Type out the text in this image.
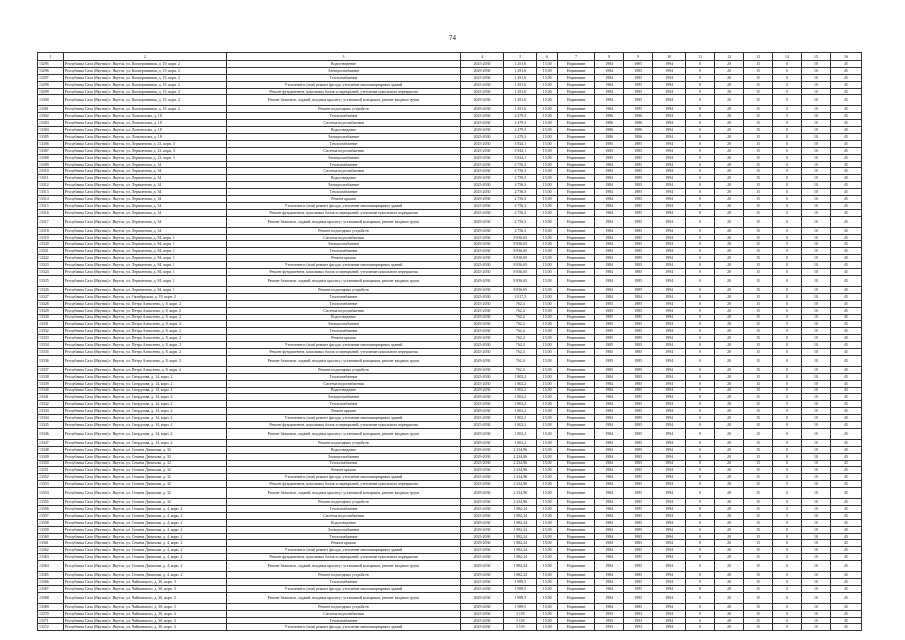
74
1	2	3	4	5	6	7	8	9	10	11	12	13	14	15	16
13295	Республика Саха (Якутия) г. Якутск, ул. Кооперативная, д. 19, корп. 2	Водоотведение	2025-2030	1 291,6	15,00	Нормативн	1984	1985	1994	0	20	15	0	10	45
13296	Республика Саха (Якутия) г. Якутск, ул. Кооперативная, д. 19, корп. 2	Электроснабжение	2029-2030	1 291,6	15,00	Нормативн	1984	1985	1994	0	20	15	0	10	45
13297	Республика Саха (Якутия) г. Якутск, ул. Кооперативная, д. 19, корп. 2	Теплоснабжение	2025-2030	1 291,6	15,00	Нормативн	1984	1985	1994	0	20	15	0	10	45
13298	Республика Саха (Якутия) г. Якутск, ул. Кооперативная, д. 19, корп. 2	Утепление и (или) ремонт фасада, утепление многоквартирных зданий	2025-2030	1 291,6	15,00	Нормативн	1984	1985	1994	0	20	15	0	10	45
13299	Республика Саха (Якутия) г. Якутск, ул. Кооперативная, д. 19, корп. 2	Ремонт фундаментов, цокольных балок и перекрытий, утепление цокольного перекрытия	2025-2030	1 291,6	15,00	Нормативн	1984	1985	1994	0	20	15	0	10	45
13300	Республика Саха (Якутия) г. Якутск, ул. Кооперативная, д. 19, корп. 2	Ремонт балконов, лоджий, входных крылец с установкой козырьков, ремонт входных групп	2029-2030	1 291,6	15,00	Нормативн	1984	1985	1994	0	20	15	0	10	45
13301	Республика Саха (Якутия) г. Якутск, ул. Кооперативная, д. 19, корп. 2	Ремонт подъездных устройств	2029-2030	1 291,6	15,00	Нормативн	1984	1985	1994	0	20	15	0	10	45
13302	Республика Саха (Якутия) г. Якутск, ул. Ломоносова, д. 18	Теплоснабжение	2025-2030	2 479,3	15,00	Нормативн	1986	1986	1994	0	20	15	0	10	45
13303	Республика Саха (Якутия) г. Якутск, ул. Ломоносова, д. 18	Система водоснабжения	2025-2030	2 479,3	15,00	Нормативн	1986	1986	1994	0	20	15	0	10	45
13304	Республика Саха (Якутия) г. Якутск, ул. Ломоносова, д. 18	Водоотведение	2029-2030	2 479,3	15,00	Нормативн	1986	1986	1994	0	20	15	0	10	45
13305	Республика Саха (Якутия) г. Якутск, ул. Ломоносова, д. 18	Электроснабжение	2025-2030	2 479,3	15,00	Нормативн	1986	1986	1994	0	20	15	0	10	45
13306	Республика Саха (Якутия) г. Якутск, ул. Лермонтова, д. 23, корп. 3	Теплоснабжение	2025-2030	3 924,1	15,00	Нормативн	1985	1985	1994	0	20	15	0	10	45
13307	Республика Саха (Якутия) г. Якутск, ул. Лермонтова, д. 23, корп. 3	Система водоснабжения	2025-2030	3 924,1	15,00	Нормативн	1985	1985	1994	0	20	15	0	10	45
13308	Республика Саха (Якутия) г. Якутск, ул. Лермонтова, д. 23, корп. 3	Электроснабжение	2029-2030	3 924,1	15,00	Нормативн	1985	1985	1994	0	20	15	0	10	45
13309	Республика Саха (Якутия) г. Якутск, ул. Лермонтова, д. 34	Теплоснабжение	2025-2030	2 756,3	15,00	Нормативн	1984	1985	1994	0	20	15	0	10	45
13310	Республика Саха (Якутия) г. Якутск, ул. Лермонтова, д. 34	Система водоснабжения	2025-2030	2 756,3	15,00	Нормативн	1984	1985	1994	0	20	15	0	10	45
13311	Республика Саха (Якутия) г. Якутск, ул. Лермонтова, д. 34	Водоотведение	2029-2030	2 756,3	15,00	Нормативн	1984	1985	1994	0	20	15	0	10	45
13312	Республика Саха (Якутия) г. Якутск, ул. Лермонтова, д. 34	Электроснабжение	2025-2030	2 756,3	15,00	Нормативн	1984	1985	1994	0	20	15	0	10	45
13313	Республика Саха (Якутия) г. Якутск, ул. Лермонтова, д. 34	Теплоснабжение	2025-2030	2 756,3	15,00	Нормативн	1984	1985	1994	0	20	15	0	10	45
13314	Республика Саха (Якутия) г. Якутск, ул. Лермонтова, д. 34	Ремонт крыши	2029-2030	2 756,3	15,00	Нормативн	1984	1985	1994	0	20	15	0	10	45
13315	Республика Саха (Якутия) г. Якутск, ул. Лермонтова, д. 34	Утепление и (или) ремонт фасада, утепление многоквартирных зданий	2025-2030	2 756,3	15,00	Нормативн	1984	1985	1994	0	20	15	0	10	45
13316	Республика Саха (Якутия) г. Якутск, ул. Лермонтова, д. 34	Ремонт фундаментов, цокольных балок и перекрытий, утепление цокольного перекрытия	2025-2030	2 756,3	15,00	Нормативн	1984	1985	1994	0	20	15	0	10	45
13317	Республика Саха (Якутия) г. Якутск, ул. Лермонтова, д. 34	Ремонт балконов, лоджий, входных крылец с установкой козырьков, ремонт входных групп	2029-2030	2 756,3	15,00	Нормативн	1984	1985	1994	0	20	15	0	10	45
13318	Республика Саха (Якутия) г. Якутск, ул. Лермонтова, д. 34	Ремонт подъездных устройств	2029-2030	2 756,3	15,00	Нормативн	1984	1985	1994	0	20	15	0	10	45
13319	Республика Саха (Якутия) г. Якутск, ул. Лермонтова, д. 84, корп. 1	Система водоснабжения	2025-2030	8 836,65	15,00	Нормативн	1984	1985	1994	0	20	15	0	10	45
13320	Республика Саха (Якутия) г. Якутск, ул. Лермонтова, д. 84, корп. 1	Электроснабжение	2029-2030	8 836,65	15,00	Нормативн	1984	1985	1994	0	20	15	0	10	45
13321	Республика Саха (Якутия) г. Якутск, ул. Лермонтова, д. 84, корп. 1	Теплоснабжение	2025-2030	8 836,65	15,00	Нормативн	1984	1985	1994	0	20	15	0	10	45
13322	Республика Саха (Якутия) г. Якутск, ул. Лермонтова, д. 84, корп. 1	Ремонт крыши	2029-2030	8 836,65	15,00	Нормативн	1984	1985	1994	0	20	15	0	10	45
13323	Республика Саха (Якутия) г. Якутск, ул. Лермонтова, д. 84, корп. 1	Утепление и (или) ремонт фасада, утепление многоквартирных зданий	2025-2030	8 836,65	15,00	Нормативн	1984	1985	1994	0	20	15	0	10	45
13324	Республика Саха (Якутия) г. Якутск, ул. Лермонтова, д. 84, корп. 1	Ремонт фундаментов, цокольных балок и перекрытий, утепление цокольного перекрытия	2025-2030	8 836,65	15,00	Нормативн	1984	1985	1994	0	20	15	0	10	45
13325	Республика Саха (Якутия) г. Якутск, ул. Лермонтова, д. 84, корп. 1	Ремонт балконов, лоджий, входных крылец с установкой козырьков, ремонт входных групп	2029-2030	8 836,65	15,00	Нормативн	1984	1985	1994	0	20	15	0	10	45
13326	Республика Саха (Якутия) г. Якутск, ул. Лермонтова, д. 84, корп. 1	Ремонт подъездных устройств	2029-2030	8 836,65	15,00	Нормативн	1984	1985	1994	0	20	15	0	10	45
13327	Республика Саха (Якутия) г. Якутск, ул. Октябрьская, д. 19, корп. 2	Теплоснабжение	2025-2030	3 017,3	15,00	Нормативн	1984	1984	1994	0	20	15	0	10	45
13328	Республика Саха (Якутия) г. Якутск, ул. Петра Алексеева, д. 8, корп. 2	Теплоснабжение	2025-2030	762,4	15,00	Нормативн	1985	1985	1994	0	20	15	0	10	45
13329	Республика Саха (Якутия) г. Якутск, ул. Петра Алексеева, д. 8, корп. 2	Система водоснабжения	2025-2030	762,4	15,00	Нормативн	1985	1985	1994	0	20	15	0	10	45
13330	Республика Саха (Якутия) г. Якутск, ул. Петра Алексеева, д. 8, корп. 2	Водоотведение	2029-2030	762,4	15,00	Нормативн	1985	1985	1994	0	20	15	0	10	45
13331	Республика Саха (Якутия) г. Якутск, ул. Петра Алексеева, д. 8, корп. 2	Электроснабжение	2029-2030	762,4	15,00	Нормативн	1985	1985	1994	0	20	15	0	10	45
13332	Республика Саха (Якутия) г. Якутск, ул. Петра Алексеева, д. 8, корп. 2	Теплоснабжение	2025-2030	762,4	15,00	Нормативн	1985	1985	1994	0	20	15	0	10	45
13333	Республика Саха (Якутия) г. Якутск, ул. Петра Алексеева, д. 8, корп. 2	Ремонт крыши	2029-2030	762,4	15,00	Нормативн	1985	1985	1994	0	20	15	0	10	45
13334	Республика Саха (Якутия) г. Якутск, ул. Петра Алексеева, д. 8, корп. 2	Утепление и (или) ремонт фасада, утепление многоквартирных зданий	2025-2030	762,4	15,00	Нормативн	1985	1985	1994	0	20	15	0	10	45
13335	Республика Саха (Якутия) г. Якутск, ул. Петра Алексеева, д. 8, корп. 2	Ремонт фундаментов, цокольных балок и перекрытий, утепление цокольного перекрытия	2025-2030	762,4	15,00	Нормативн	1985	1985	1994	0	20	15	0	10	45
13336	Республика Саха (Якутия) г. Якутск, ул. Петра Алексеева, д. 8, корп. 2	Ремонт балконов, лоджий, входных крылец с установкой козырьков, ремонт входных групп	2029-2030	762,4	15,00	Нормативн	1985	1985	1994	0	20	15	0	10	45
13337	Республика Саха (Якутия) г. Якутск, ул. Петра Алексеева, д. 8, корп. 2	Ремонт подъездных устройств	2029-2030	762,4	15,00	Нормативн	1985	1985	1994	0	20	15	0	10	45
13338	Республика Саха (Якутия) г. Якутск, ул. Свердлова, д. 14, корп. 2	Теплоснабжение	2025-2030	1 802,2	15,00	Нормативн	1984	1985	1994	0	20	15	0	10	45
13339	Республика Саха (Якутия) г. Якутск, ул. Свердлова, д. 14, корп. 2	Система водоснабжения	2025-2030	1 802,2	15,00	Нормативн	1984	1985	1994	0	20	15	0	10	45
13340	Республика Саха (Якутия) г. Якутск, ул. Свердлова, д. 14, корп. 2	Водоотведение	2029-2030	1 802,2	15,00	Нормативн	1984	1985	1994	0	20	15	0	10	45
13341	Республика Саха (Якутия) г. Якутск, ул. Свердлова, д. 14, корп. 2	Электроснабжение	2029-2030	1 802,2	15,00	Нормативн	1984	1985	1994	0	20	15	0	10	45
13342	Республика Саха (Якутия) г. Якутск, ул. Свердлова, д. 14, корп. 2	Теплоснабжение	2025-2030	1 802,2	15,00	Нормативн	1984	1985	1994	0	20	15	0	10	45
13343	Республика Саха (Якутия) г. Якутск, ул. Свердлова, д. 14, корп. 2	Ремонт крыши	2029-2030	1 802,2	15,00	Нормативн	1984	1985	1994	0	20	15	0	10	45
13344	Республика Саха (Якутия) г. Якутск, ул. Свердлова, д. 14, корп. 2	Утепление и (или) ремонт фасада, утепление многоквартирных зданий	2025-2030	1 802,2	15,00	Нормативн	1984	1985	1994	0	20	15	0	10	45
13345	Республика Саха (Якутия) г. Якутск, ул. Свердлова, д. 14, корп. 2	Ремонт фундаментов, цокольных балок и перекрытий, утепление цокольного перекрытия	2025-2030	1 802,2	15,00	Нормативн	1984	1985	1994	0	20	15	0	10	45
13346	Республика Саха (Якутия) г. Якутск, ул. Свердлова, д. 14, корп. 2	Ремонт балконов, лоджий, входных крылец с установкой козырьков, ремонт входных групп	2029-2030	1 802,2	15,00	Нормативн	1984	1985	1994	0	20	15	0	10	45
13347	Республика Саха (Якутия) г. Якутск, ул. Свердлова, д. 14, корп. 2	Ремонт подъездных устройств	2029-2030	1 802,2	15,00	Нормативн	1984	1985	1994	0	20	15	0	10	45
13348	Республика Саха (Якутия) г. Якутск, ул. Семена Данилова, д. 32	Водоотведение	2029-2030	2 234,96	15,00	Нормативн	1984	1985	1994	0	20	15	0	10	45
13349	Республика Саха (Якутия) г. Якутск, ул. Семена Данилова, д. 32	Электроснабжение	2029-2030	2 234,96	15,00	Нормативн	1984	1985	1994	0	20	15	0	10	45
13350	Республика Саха (Якутия) г. Якутск, ул. Семена Данилова, д. 32	Теплоснабжение	2025-2030	2 234,96	15,00	Нормативн	1984	1985	1994	0	20	15	0	10	45
13351	Республика Саха (Якутия) г. Якутск, ул. Семена Данилова, д. 32	Ремонт крыши	2029-2030	2 234,96	15,00	Нормативн	1984	1985	1994	0	20	15	0	10	45
13352	Республика Саха (Якутия) г. Якутск, ул. Семена Данилова, д. 32	Утепление и (или) ремонт фасада, утепление многоквартирных зданий	2025-2030	2 234,96	15,00	Нормативн	1984	1985	1994	0	20	15	0	10	45
13353	Республика Саха (Якутия) г. Якутск, ул. Семена Данилова, д. 32	Ремонт фундаментов, цокольных балок и перекрытий, утепление цокольного перекрытия	2025-2030	2 234,96	15,00	Нормативн	1984	1985	1994	0	20	15	0	10	45
13354	Республика Саха (Якутия) г. Якутск, ул. Семена Данилова, д. 32	Ремонт балконов, лоджий, входных крылец с установкой козырьков, ремонт входных групп	2029-2030	2 234,96	15,00	Нормативн	1984	1985	1994	0	20	15	0	10	45
13355	Республика Саха (Якутия) г. Якутск, ул. Семена Данилова, д. 32	Ремонт подъездных устройств	2029-2030	2 234,96	15,00	Нормативн	1984	1985	1994	0	20	15	0	10	45
13356	Республика Саха (Якутия) г. Якутск, ул. Семена Данилова, д. 4, корп. 2	Теплоснабжение	2025-2030	1 882,24	15,00	Нормативн	1984	1985	1994	0	20	15	0	10	45
13357	Республика Саха (Якутия) г. Якутск, ул. Семена Данилова, д. 4, корп. 2	Система водоснабжения	2025-2030	1 882,24	15,00	Нормативн	1984	1985	1994	0	20	15	0	10	45
13358	Республика Саха (Якутия) г. Якутск, ул. Семена Данилова, д. 4, корп. 2	Водоотведение	2029-2030	1 882,24	15,00	Нормативн	1984	1985	1994	0	20	15	0	10	45
13359	Республика Саха (Якутия) г. Якутск, ул. Семена Данилова, д. 4, корп. 2	Электроснабжение	2029-2030	1 882,24	15,00	Нормативн	1984	1985	1994	0	20	15	0	10	45
13360	Республика Саха (Якутия) г. Якутск, ул. Семена Данилова, д. 4, корп. 2	Теплоснабжение	2025-2030	1 882,24	15,00	Нормативн	1984	1985	1994	0	20	15	0	10	45
13361	Республика Саха (Якутия) г. Якутск, ул. Семена Данилова, д. 4, корп. 2	Ремонт крыши	2029-2030	1 882,24	15,00	Нормативн	1984	1985	1994	0	20	15	0	10	45
13362	Республика Саха (Якутия) г. Якутск, ул. Семена Данилова, д. 4, корп. 2	Утепление и (или) ремонт фасада, утепление многоквартирных зданий	2025-2030	1 882,24	15,00	Нормативн	1984	1985	1994	0	20	15	0	10	45
13363	Республика Саха (Якутия) г. Якутск, ул. Семена Данилова, д. 4, корп. 2	Ремонт фундаментов, цокольных балок и перекрытий, утепление цокольного перекрытия	2025-2030	1 882,24	15,00	Нормативн	1984	1985	1994	0	20	15	0	10	45
13364	Республика Саха (Якутия) г. Якутск, ул. Семена Данилова, д. 4, корп. 2	Ремонт балконов, лоджий, входных крылец с установкой козырьков, ремонт входных групп	2029-2030	1 882,24	15,00	Нормативн	1984	1985	1994	0	20	15	0	10	45
13365	Республика Саха (Якутия) г. Якутск, ул. Семена Данилова, д. 4, корп. 2	Ремонт подъездных устройств	2029-2030	1 882,24	15,00	Нормативн	1984	1985	1994	0	20	15	0	10	45
13366	Республика Саха (Якутия) г. Якутск, ул. Чайковского, д. 30, корп. 3	Теплоснабжение	2025-2030	1 989,5	15,00	Нормативн	1984	1985	1994	0	20	15	0	10	45
13367	Республика Саха (Якутия) г. Якутск, ул. Чайковского, д. 30, корп. 3	Утепление и (или) ремонт фасада, утепление многоквартирных зданий	2025-2030	1 989,5	15,00	Нормативн	1984	1985	1994	0	20	15	0	10	45
13368	Республика Саха (Якутия) г. Якутск, ул. Чайковского, д. 30, корп. 3	Ремонт балконов, лоджий, входных крылец с установкой козырьков, ремонт входных групп	2029-2030	1 989,5	15,00	Нормативн	1984	1985	1994	0	20	15	0	10	45
13369	Республика Саха (Якутия) г. Якутск, ул. Чайковского, д. 30, корп. 3	Ремонт подъездных устройств	2029-2030	1 989,5	15,00	Нормативн	1984	1985	1994	0	20	15	0	10	45
13370	Республика Саха (Якутия) г. Якутск, ул. Чайковского, д. 30, корп. 4	Система водоснабжения	2025-2030	3 105	15,00	Нормативн	1993	1993	1994	0	20	15	0	10	45
13371	Республика Саха (Якутия) г. Якутск, ул. Чайковского, д. 30, корп. 4	Теплоснабжение	2025-2030	3 105	15,00	Нормативн	1993	1993	1994	0	20	15	0	10	45
13372	Республика Саха (Якутия) г. Якутск, ул. Чайковского, д. 30, корп. 4	Утепление и (или) ремонт фасада, утепление многоквартирных зданий	2025-2030	3 105	15,00	Нормативн	1993	1993	1994	0	20	15	0	10	45
